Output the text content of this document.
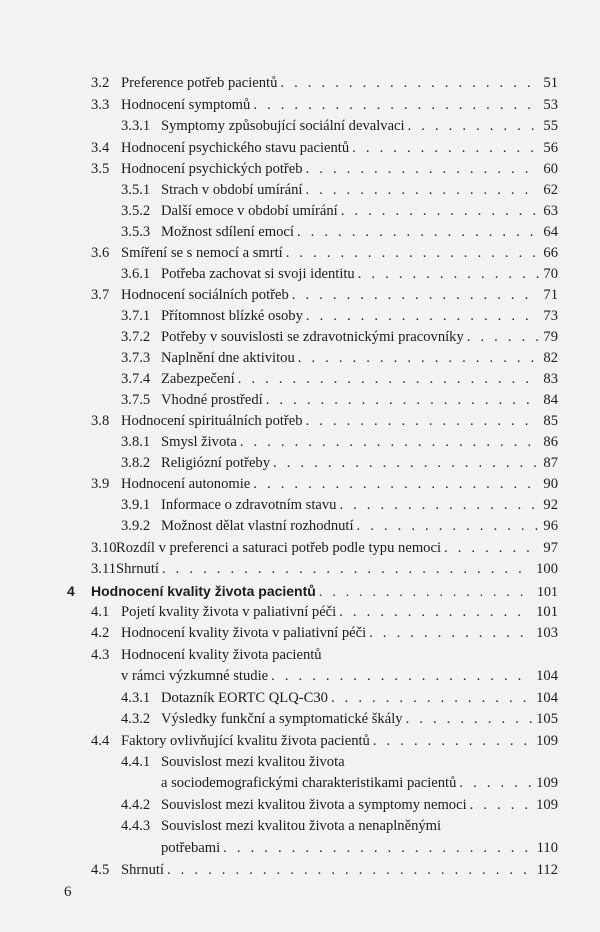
3.2 Preference potřeb pacientů . . .	51
3.3 Hodnocení symptomů . . .	53
3.3.1 Symptomy způsobující sociální devalvaci . . .	55
3.4 Hodnocení psychického stavu pacientů . . .	56
3.5 Hodnocení psychických potřeb . . .	60
3.5.1 Strach v období umírání . . .	62
3.5.2 Další emoce v období umírání . . .	63
3.5.3 Možnost sdílení emocí . . .	64
3.6 Smíření se s nemocí a smrtí . . .	66
3.6.1 Potřeba zachovat si svoji identitu . . .	70
3.7 Hodnocení sociálních potřeb . . .	71
3.7.1 Přítomnost blízké osoby . . .	73
3.7.2 Potřeby v souvislosti se zdravotnickými pracovníky . . .	79
3.7.3 Naplnění dne aktivitou . . .	82
3.7.4 Zabezpečení . . .	83
3.7.5 Vhodné prostředí . . .	84
3.8 Hodnocení spirituálních potřeb . . .	85
3.8.1 Smysl života . . .	86
3.8.2 Religiózní potřeby . . .	87
3.9 Hodnocení autonomie . . .	90
3.9.1 Informace o zdravotním stavu . . .	92
3.9.2 Možnost dělat vlastní rozhodnutí . . .	96
3.10 Rozdíl v preferenci a saturaci potřeb podle typu nemoci . . .	97
3.11 Shrnutí . . .	100
4 Hodnocení kvality života pacientů . . .	101
4.1 Pojetí kvality života v paliativní péči . . .	101
4.2 Hodnocení kvality života v paliativní péči . . .	103
4.3 Hodnocení kvality života pacientů
v rámci výzkumné studie . . .	104
4.3.1 Dotazník EORTC QLQ-C30 . . .	104
4.3.2 Výsledky funkční a symptomatické škály . . .	105
4.4 Faktory ovlivňující kvalitu života pacientů . . .	109
4.4.1 Souvislost mezi kvalitou života
a sociodemografickými charakteristikami pacientů . . .	109
4.4.2 Souvislost mezi kvalitou života a symptomy nemoci . . .	109
4.4.3 Souvislost mezi kvalitou života a nenaplněnými
potřebami . . .	110
4.5 Shrnutí . . .	112
6
